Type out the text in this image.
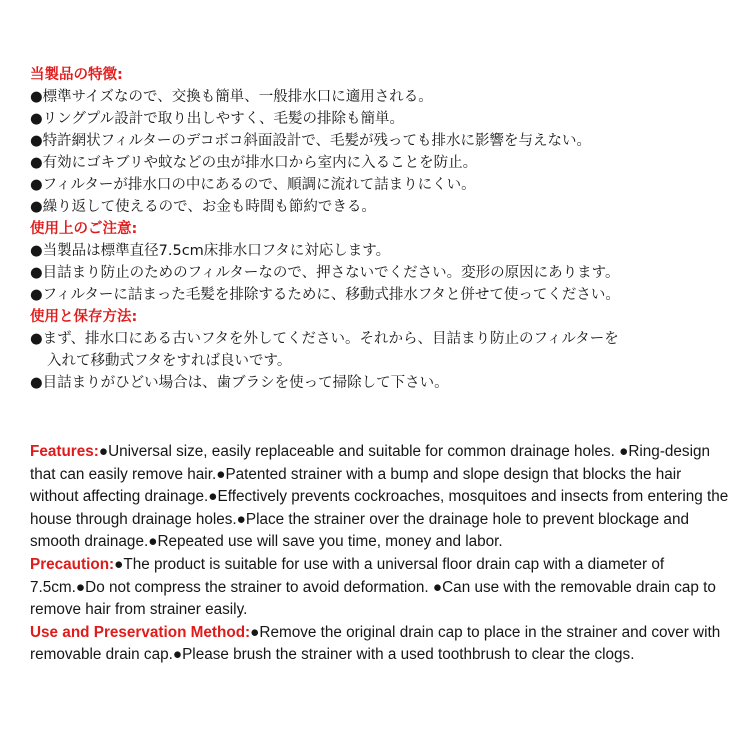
当製品の特徴:
●標準サイズなので、交換も簡単、一般排水口に適用される。
●リングプル設計で取り出しやすく、毛髪の排除も簡単。
●特許網状フィルターのデコボコ斜面設計で、毛髪が残っても排水に影響を与えない。
●有効にゴキブリや蚊などの虫が排水口から室内に入ることを防止。
●フィルターが排水口の中にあるので、順調に流れて詰まりにくい。
●繰り返して使えるので、お金も時間も節約できる。
使用上のご注意:
●当製品は標準直径7.5cm床排水口フタに対応します。
●目詰まり防止のためのフィルターなので、押さないでください。変形の原因にあります。
●フィルターに詰まった毛髪を排除するために、移動式排水フタと併せて使ってください。
使用と保存方法:
●まず、排水口にある古いフタを外してください。それから、目詰まり防止のフィルターを

入れて移動式フタをすれば良いです。
●目詰まりがひどい場合は、歯ブラシを使って掃除して下さい。

Features:●Universal size, easily replaceable and suitable for common drainage holes. ●Ring-design that can easily remove hair.●Patented strainer with a bump and slope design that blocks the hair without affecting drainage.●Effectively prevents cockroaches, mosquitoes and insects from entering the house through drainage holes.●Place the strainer over the drainage hole to prevent blockage and smooth drainage.●Repeated use will save you time, money and labor.
Precaution:●The product is suitable for use with a universal floor drain cap with a diameter of 7.5cm.●Do not compress the strainer to avoid deformation. ●Can use with the removable drain cap to remove hair from strainer easily.
Use and Preservation Method:●Remove the original drain cap to place in the strainer and cover with removable drain cap.●Please brush the strainer with a used toothbrush to clear the clogs.
